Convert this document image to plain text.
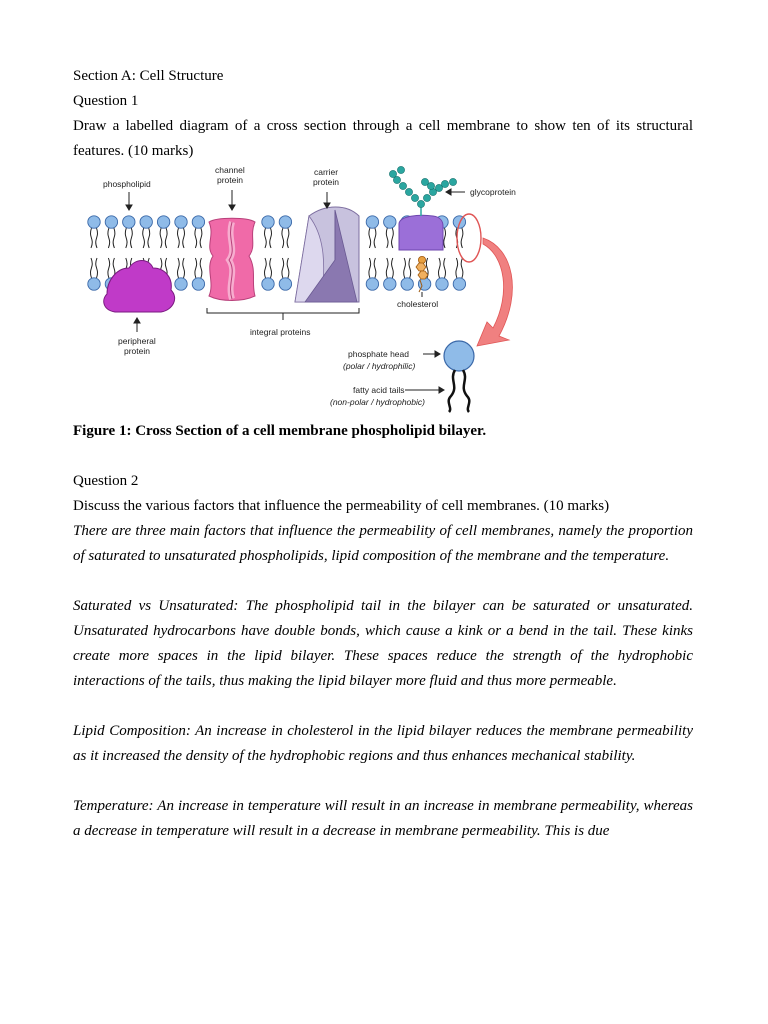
Section A: Cell Structure

Question 1

Draw a labelled diagram of a cross section through a cell membrane to show ten of its structural features. (10 marks)

phospholipid
channel
protein
carrier
protein
glycoprotein
cholesterol
integral proteins
peripheral
protein	phosphate head
(polar / hydrophilic)
fatty acid tails
(non-polar / hydrophobic)

Figure 1: Cross Section of a cell membrane phospholipid bilayer.

Question 2

Discuss the various factors that influence the permeability of cell membranes. (10 marks)

There are three main factors that influence the permeability of cell membranes, namely the proportion of saturated to unsaturated phospholipids, lipid composition of the membrane and the temperature.

Saturated vs Unsaturated: The phospholipid tail in the bilayer can be saturated or unsaturated. Unsaturated hydrocarbons have double bonds, which cause a kink or a bend in the tail. These kinks create more spaces in the lipid bilayer. These spaces reduce the strength of the hydrophobic interactions of the tails, thus making the lipid bilayer more fluid and thus more permeable.

Lipid Composition: An increase in cholesterol in the lipid bilayer reduces the membrane permeability as it increased the density of the hydrophobic regions and thus enhances mechanical stability.

Temperature: An increase in temperature will result in an increase in membrane permeability, whereas a decrease in temperature will result in a decrease in membrane permeability. This is due
